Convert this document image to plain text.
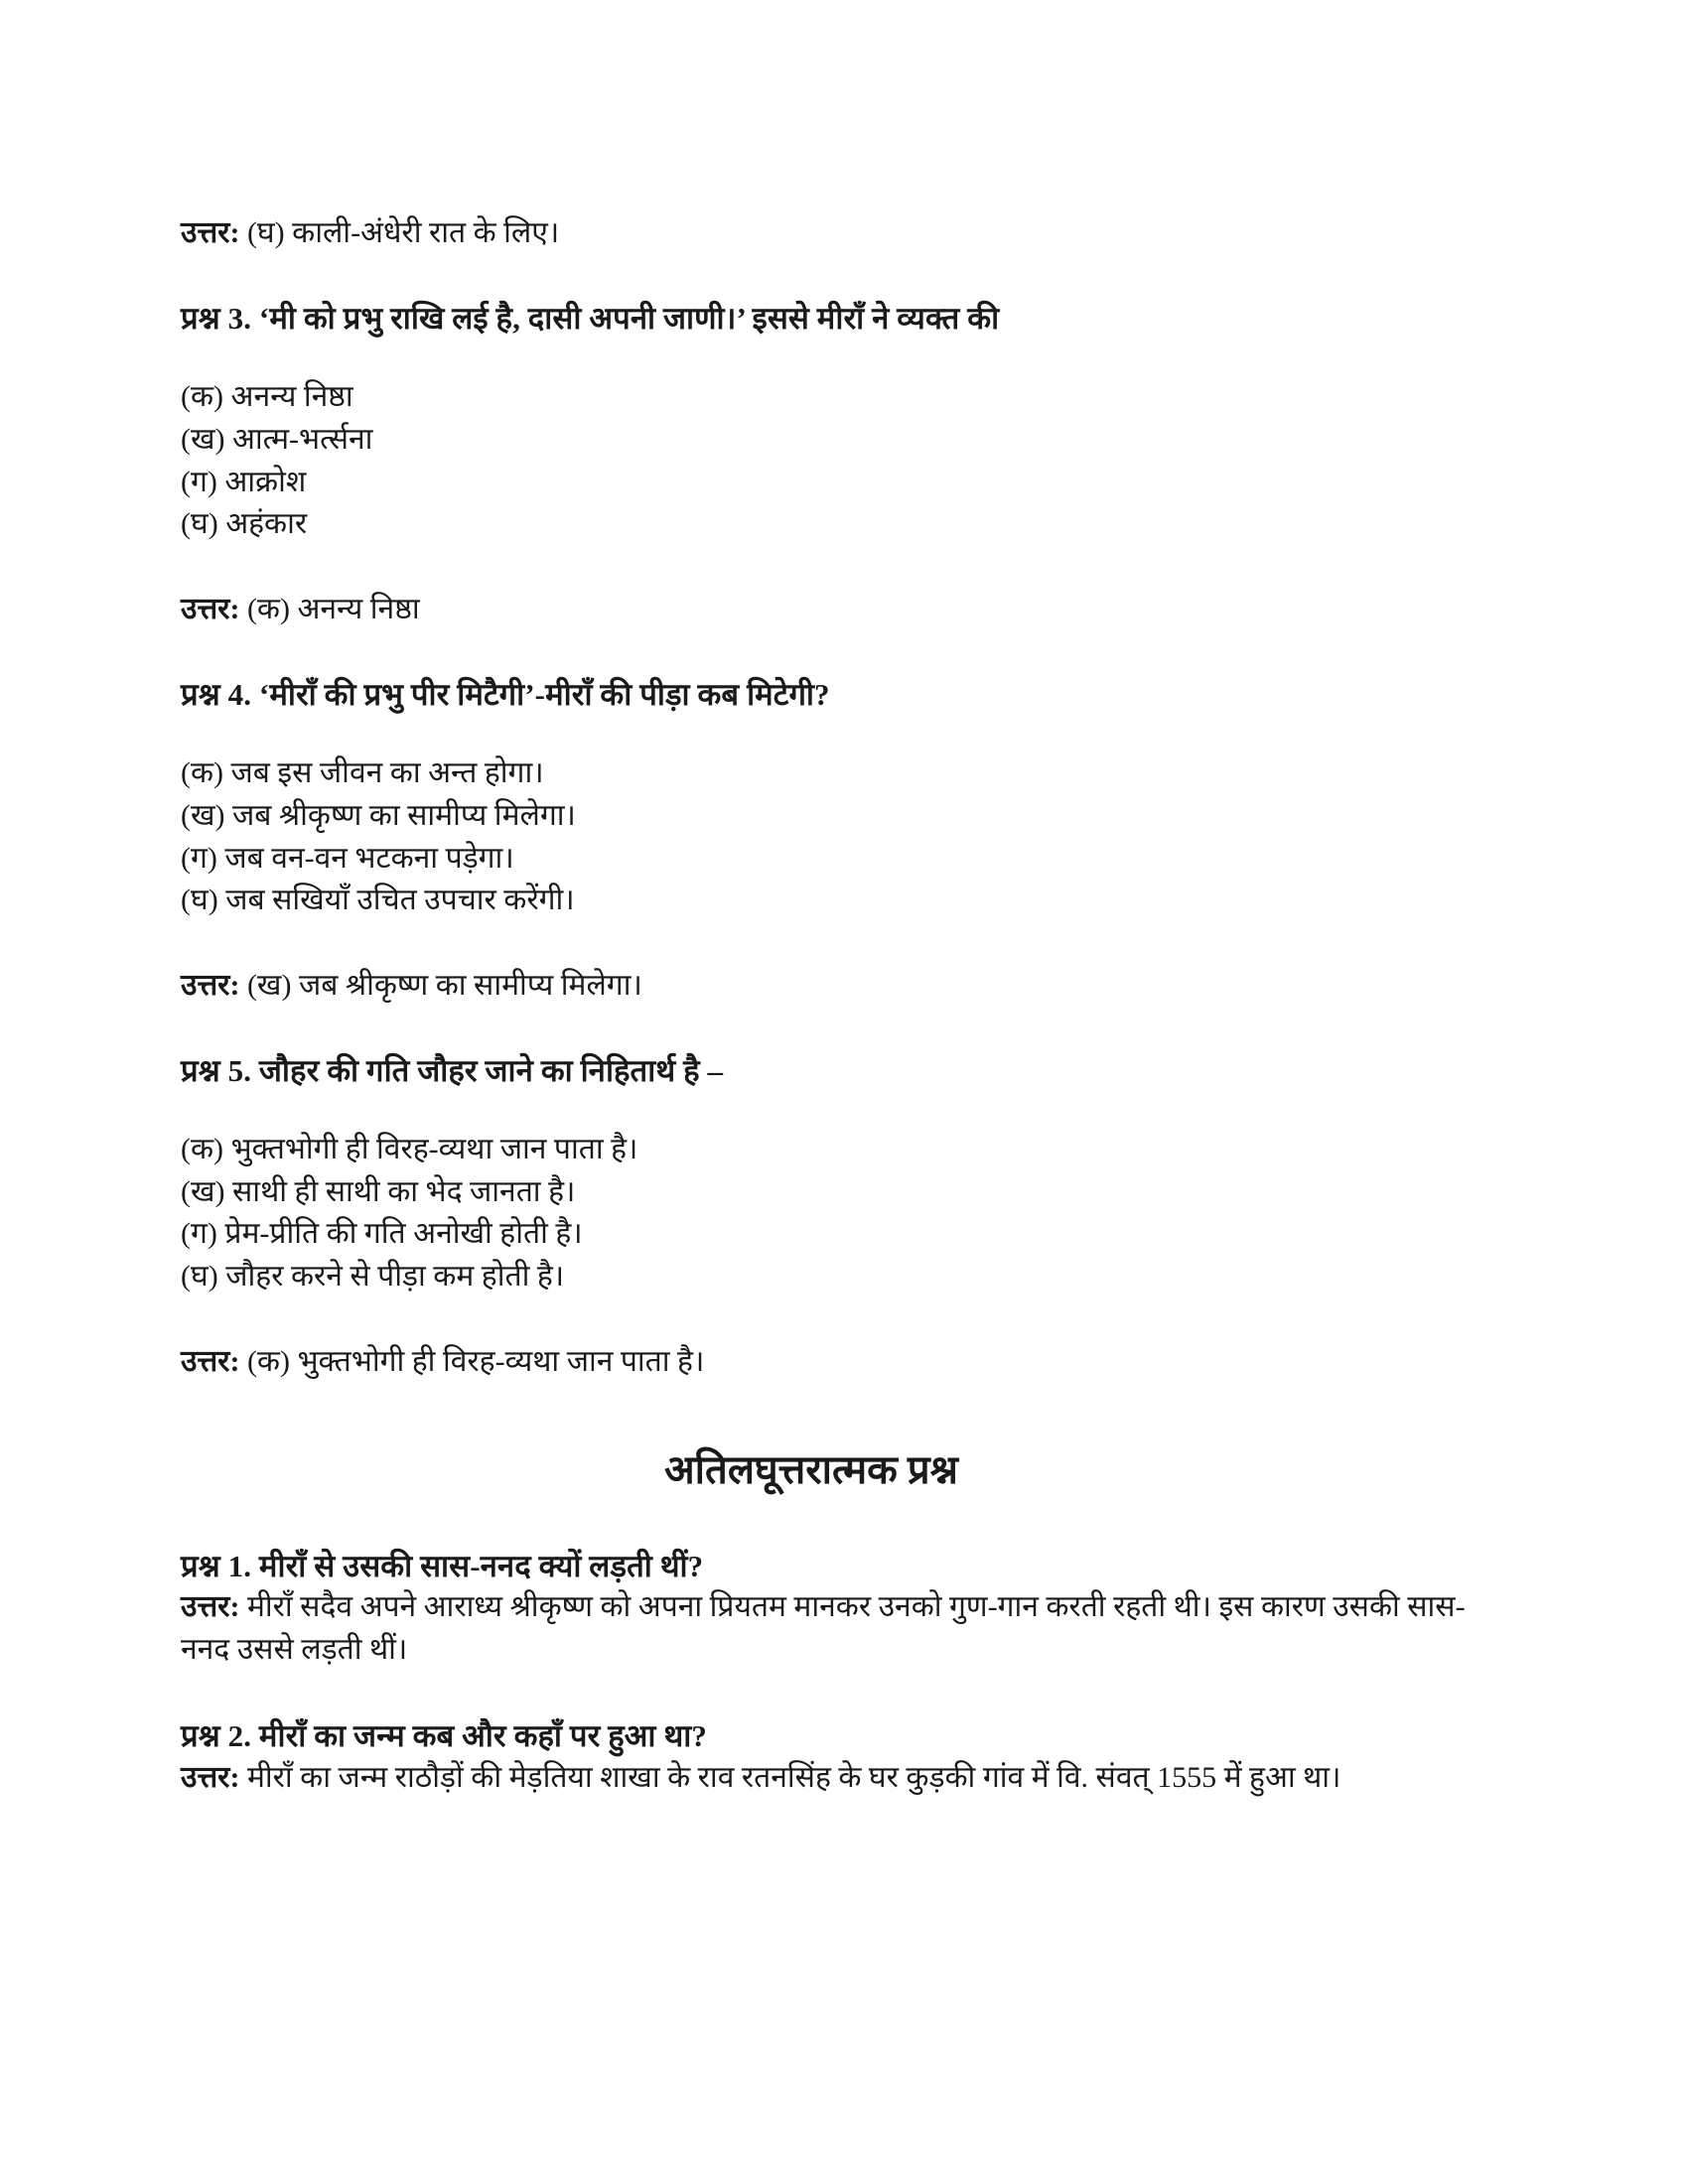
उत्तर: (घ) काली-अंधेरी रात के लिए।

प्रश्न 3. ‘मी को प्रभु राखि लई है, दासी अपनी जाणी।’ इससे मीराँ ने व्यक्त की

(क) अनन्य निष्ठा
(ख) आत्म-भर्त्सना
(ग) आक्रोश
(घ) अहंकार

उत्तर: (क) अनन्य निष्ठा

प्रश्न 4. ‘मीराँ की प्रभु पीर मिटैगी’-मीराँ की पीड़ा कब मिटेगी?

(क) जब इस जीवन का अन्त होगा।
(ख) जब श्रीकृष्ण का सामीप्य मिलेगा।
(ग) जब वन-वन भटकना पड़ेगा।
(घ) जब सखियाँ उचित उपचार करेंगी।

उत्तर: (ख) जब श्रीकृष्ण का सामीप्य मिलेगा।

प्रश्न 5. जौहर की गति जौहर जाने का निहितार्थ है –

(क) भुक्तभोगी ही विरह-व्यथा जान पाता है।
(ख) साथी ही साथी का भेद जानता है।
(ग) प्रेम-प्रीति की गति अनोखी होती है।
(घ) जौहर करने से पीड़ा कम होती है।

उत्तर: (क) भुक्तभोगी ही विरह-व्यथा जान पाता है।

अतिलघूत्तरात्मक प्रश्न

प्रश्न 1. मीराँ से उसकी सास-ननद क्यों लड़ती थीं?

उत्तर: मीराँ सदैव अपने आराध्य श्रीकृष्ण को अपना प्रियतम मानकर उनको गुण-गान करती रहती थी। इस कारण उसकी सास-ननद उससे लड़ती थीं।

प्रश्न 2. मीराँ का जन्म कब और कहाँ पर हुआ था?

उत्तर: मीराँ का जन्म राठौड़ों की मेड़तिया शाखा के राव रतनसिंह के घर कुड़की गांव में वि. संवत् 1555 में हुआ था।
